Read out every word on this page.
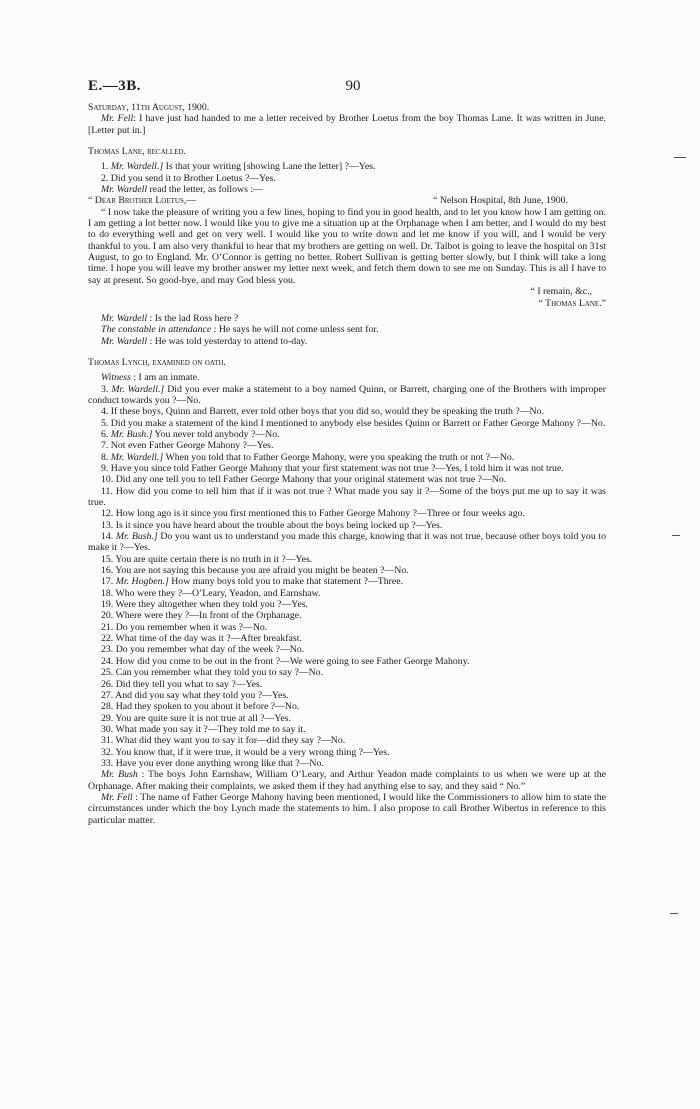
E.—3B.	90

Saturday, 11th August, 1900.

Mr. Fell: I have just had handed to me a letter received by Brother Loetus from the boy Thomas Lane. It was written in June. [Letter put in.]

Thomas Lane, recalled.

1. Mr. Wardell.] Is that your writing [showing Lane the letter] ?—Yes.

2. Did you send it to Brother Loetus ?—Yes.

Mr. Wardell read the letter, as follows :—

“ Dear Brother Loetus,—	“ Nelson Hospital, 8th June, 1900.

“ I now take the pleasure of writing you a few lines, hoping to find you in good health, and to let you know how I am getting on. I am getting a lot better now. I would like you to give me a situation up at the Orphanage when I am better, and I would do my best to do everything well and get on very well. I would like you to write down and let me know if you will, and I would be very thankful to you. I am also very thankful to hear that my brothers are getting on well. Dr. Talbot is going to leave the hospital on 31st August, to go to England. Mr. O’Connor is getting no better. Robert Sullivan is getting better slowly, but I think will take a long time. I hope you will leave my brother answer my letter next week, and fetch them down to see me on Sunday. This is all I have to say at present. So good-bye, and may God bless you.

“ I remain, &c.,

“ Thomas Lane.”

Mr. Wardell : Is the lad Ross here ?

The constable in attendance : He says he will not come unless sent for.

Mr. Wardell : He was told yesterday to attend to-day.

Thomas Lynch, examined on oath.

Witness : I am an inmate.

3. Mr. Wardell.] Did you ever make a statement to a boy named Quinn, or Barrett, charging one of the Brothers with improper conduct towards you ?—No.

4. If these boys, Quinn and Barrett, ever told other boys that you did so, would they be speaking the truth ?—No.

5. Did you make a statement of the kind I mentioned to anybody else besides Quinn or Barrett or Father George Mahony ?—No.

6. Mr. Bush.] You never told anybody ?—No.

7. Not even Father George Mahony ?—Yes.

8. Mr. Wardell.] When you told that to Father George Mahony, were you speaking the truth or not ?—No.

9. Have you since told Father George Mahony that your first statement was not true ?—Yes, I told him it was not true.

10. Did any one tell you to tell Father George Mahony that your original statement was not true ?—No.

11. How did you come to tell him that if it was not true ? What made you say it ?—Some of the boys put me up to say it was true.

12. How long ago is it since you first mentioned this to Father George Mahony ?—Three or four weeks ago.

13. Is it since you have heard about the trouble about the boys being locked up ?—Yes.

14. Mr. Bush.] Do you want us to understand you made this charge, knowing that it was not true, because other boys told you to make it ?—Yes.

15. You are quite certain there is no truth in it ?—Yes.

16. You are not saying this because you are afraid you might be beaten ?—No.

17. Mr. Hogben.] How many boys told you to make that statement ?—Three.

18. Who were they ?—O’Leary, Yeadon, and Earnshaw.

19. Were they altogether when they told you ?—Yes.

20. Where were they ?—In front of the Orphanage.

21. Do you remember when it was ?—No.

22. What time of the day was it ?—After breakfast.

23. Do you remember what day of the week ?—No.

24. How did you come to be out in the front ?—We were going to see Father George Mahony.

25. Can you remember what they told you to say ?—No.

26. Did they tell you what to say ?—Yes.

27. And did you say what they told you ?—Yes.

28. Had they spoken to you about it before ?—No.

29. You are quite sure it is not true at all ?—Yes.

30. What made you say it ?—They told me to say it.

31. What did they want you to say it for—did they say ?—No.

32. You know that, if it were true, it would be a very wrong thing ?—Yes.

33. Have you ever done anything wrong like that ?—No.

Mr. Bush : The boys John Earnshaw, William O’Leary, and Arthur Yeadon made complaints to us when we were up at the Orphanage. After making their complaints, we asked them if they had anything else to say, and they said “ No.”

Mr. Fell : The name of Father George Mahony having been mentioned, I would like the Commissioners to allow him to state the circumstances under which the boy Lynch made the statements to him. I also propose to call Brother Wibertus in reference to this particular matter.
